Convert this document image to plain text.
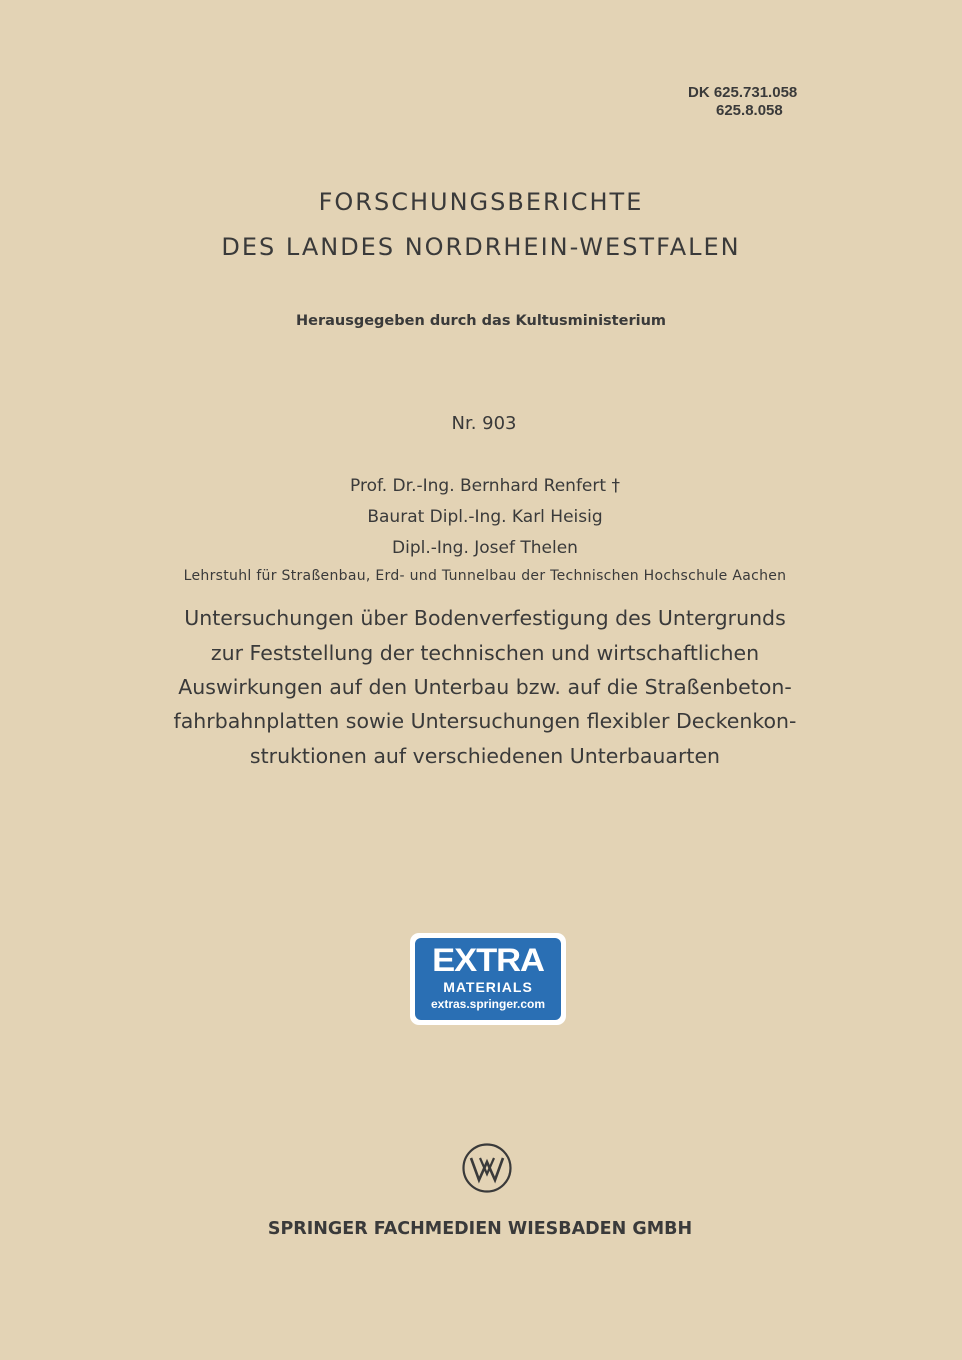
DK 625.731.058
625.8.058
FORSCHUNGSBERICHTE
DES LANDES NORDRHEIN-WESTFALEN
Herausgegeben durch das Kultusministerium
Nr. 903
Prof. Dr.-Ing. Bernhard Renfert †
Baurat Dipl.-Ing. Karl Heisig
Dipl.-Ing. Josef Thelen
Lehrstuhl für Straßenbau, Erd- und Tunnelbau der Technischen Hochschule Aachen
Untersuchungen über Bodenverfestigung des Untergrunds
zur Feststellung der technischen und wirtschaftlichen
Auswirkungen auf den Unterbau bzw. auf die Straßenbeton-
fahrbahnplatten sowie Untersuchungen flexibler Deckenkon-
struktionen auf verschiedenen Unterbauarten
EXTRA
MATERIALS
extras.springer.com
SPRINGER FACHMEDIEN WIESBADEN GMBH
